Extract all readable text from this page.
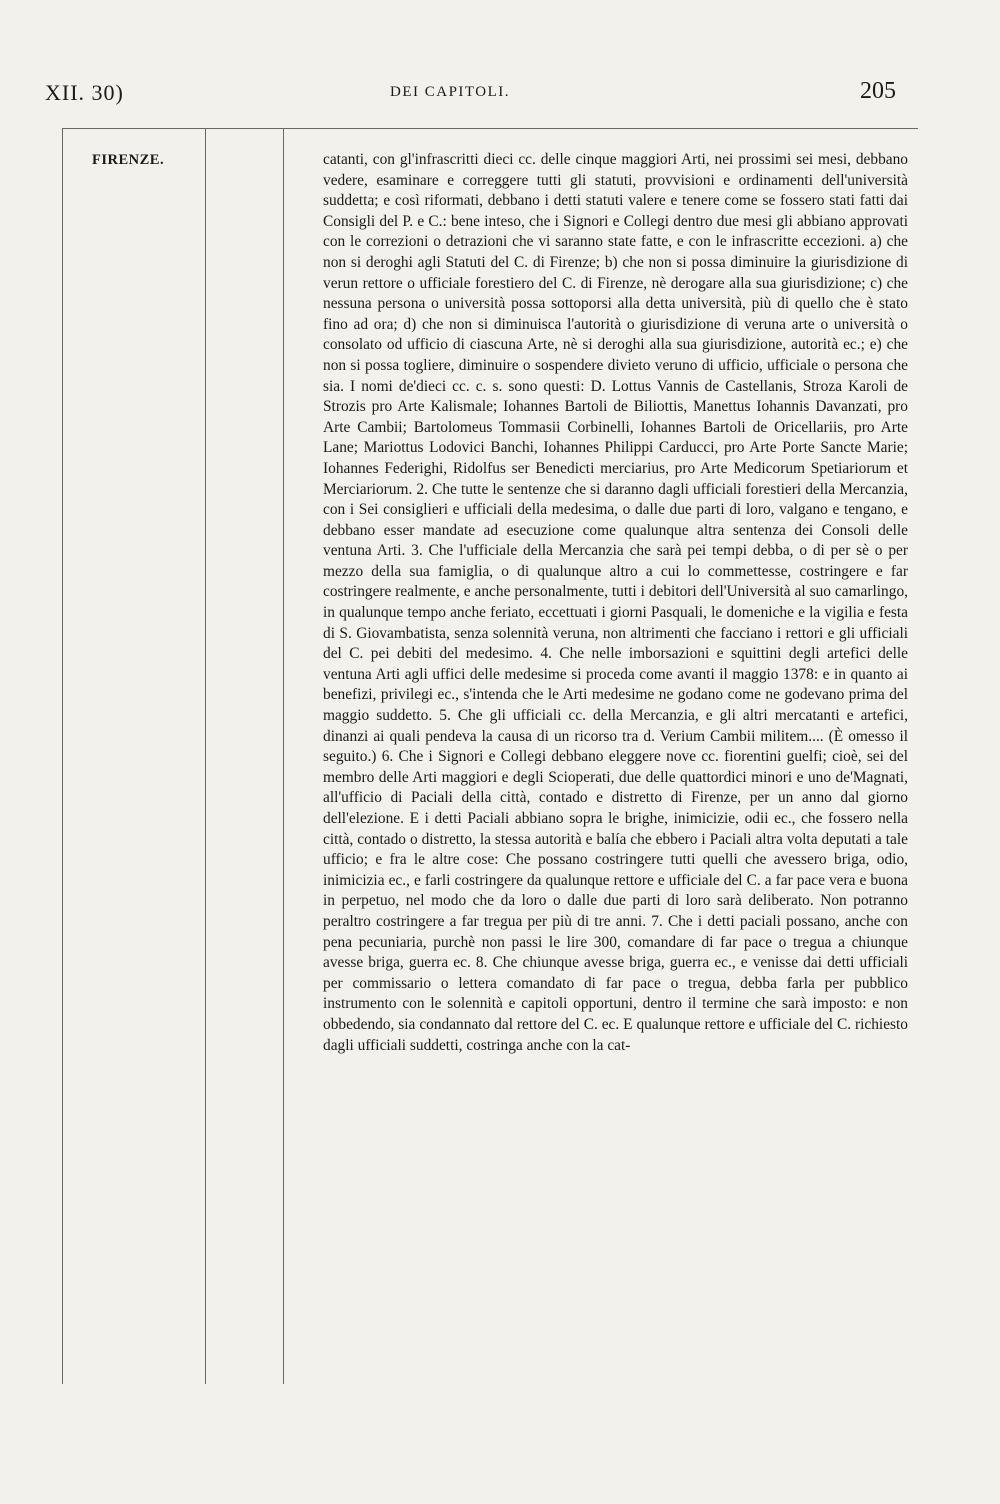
XII. 30)	DEI CAPITOLI.	205
FIRENZE.	catanti, con gl'infrascritti dieci cc. delle cinque maggiori Arti, nei prossimi sei mesi, debbano vedere, esaminare e correggere tutti gli statuti, provvisioni e ordinamenti dell'università suddetta; e così riformati, debbano i detti statuti valere e tenere come se fossero stati fatti dai Consigli del P. e C.: bene inteso, che i Signori e Collegi dentro due mesi gli abbiano approvati con le correzioni o detrazioni che vi saranno state fatte, e con le infrascritte eccezioni. a) che non si deroghi agli Statuti del C. di Firenze; b) che non si possa diminuire la giurisdizione di verun rettore o ufficiale forestiero del C. di Firenze, nè derogare alla sua giurisdizione; c) che nessuna persona o università possa sottoporsi alla detta università, più di quello che è stato fino ad ora; d) che non si diminuisca l'autorità o giurisdizione di veruna arte o università o consolato od ufficio di ciascuna Arte, nè si deroghi alla sua giurisdizione, autorità ec.; e) che non si possa togliere, diminuire o sospendere divieto veruno di ufficio, ufficiale o persona che sia. I nomi de'dieci cc. c. s. sono questi: D. Lottus Vannis de Castellanis, Stroza Karoli de Strozis pro Arte Kalismale; Iohannes Bartoli de Biliottis, Manettus Iohannis Davanzati, pro Arte Cambii; Bartolomeus Tommasii Corbinelli, Iohannes Bartoli de Oricellariis, pro Arte Lane; Mariottus Lodovici Banchi, Iohannes Philippi Carducci, pro Arte Porte Sancte Marie; Iohannes Federighi, Ridolfus ser Benedicti merciarius, pro Arte Medicorum Spetiariorum et Merciariorum. 2. Che tutte le sentenze che si daranno dagli ufficiali forestieri della Mercanzia, con i Sei consiglieri e ufficiali della medesima, o dalle due parti di loro, valgano e tengano, e debbano esser mandate ad esecuzione come qualunque altra sentenza dei Consoli delle ventuna Arti. 3. Che l'ufficiale della Mercanzia che sarà pei tempi debba, o di per sè o per mezzo della sua famiglia, o di qualunque altro a cui lo commettesse, costringere e far costringere realmente, e anche personalmente, tutti i debitori dell'Università al suo camarlingo, in qualunque tempo anche feriato, eccettuati i giorni Pasquali, le domeniche e la vigilia e festa di S. Giovambatista, senza solennità veruna, non altrimenti che facciano i rettori e gli ufficiali del C. pei debiti del medesimo. 4. Che nelle imborsazioni e squittini degli artefici delle ventuna Arti agli uffici delle medesime si proceda come avanti il maggio 1378: e in quanto ai benefizi, privilegi ec., s'intenda che le Arti medesime ne godano come ne godevano prima del maggio suddetto. 5. Che gli ufficiali cc. della Mercanzia, e gli altri mercatanti e artefici, dinanzi ai quali pendeva la causa di un ricorso tra d. Verium Cambii militem.... (È omesso il seguito.) 6. Che i Signori e Collegi debbano eleggere nove cc. fiorentini guelfi; cioè, sei del membro delle Arti maggiori e degli Scioperati, due delle quattordici minori e uno de'Magnati, all'ufficio di Paciali della città, contado e distretto di Firenze, per un anno dal giorno dell'elezione. E i detti Paciali abbiano sopra le brighe, inimicizie, odii ec., che fossero nella città, contado o distretto, la stessa autorità e balía che ebbero i Paciali altra volta deputati a tale ufficio; e fra le altre cose: Che possano costringere tutti quelli che avessero briga, odio, inimicizia ec., e farli costringere da qualunque rettore e ufficiale del C. a far pace vera e buona in perpetuo, nel modo che da loro o dalle due parti di loro sarà deliberato. Non potranno peraltro costringere a far tregua per più di tre anni. 7. Che i detti paciali possano, anche con pena pecuniaria, purchè non passi le lire 300, comandare di far pace o tregua a chiunque avesse briga, guerra ec. 8. Che chiunque avesse briga, guerra ec., e venisse dai detti ufficiali per commissario o lettera comandato di far pace o tregua, debba farla per pubblico instrumento con le solennità e capitoli opportuni, dentro il termine che sarà imposto: e non obbedendo, sia condannato dal rettore del C. ec. E qualunque rettore e ufficiale del C. richiesto dagli ufficiali suddetti, costringa anche con la cat-
